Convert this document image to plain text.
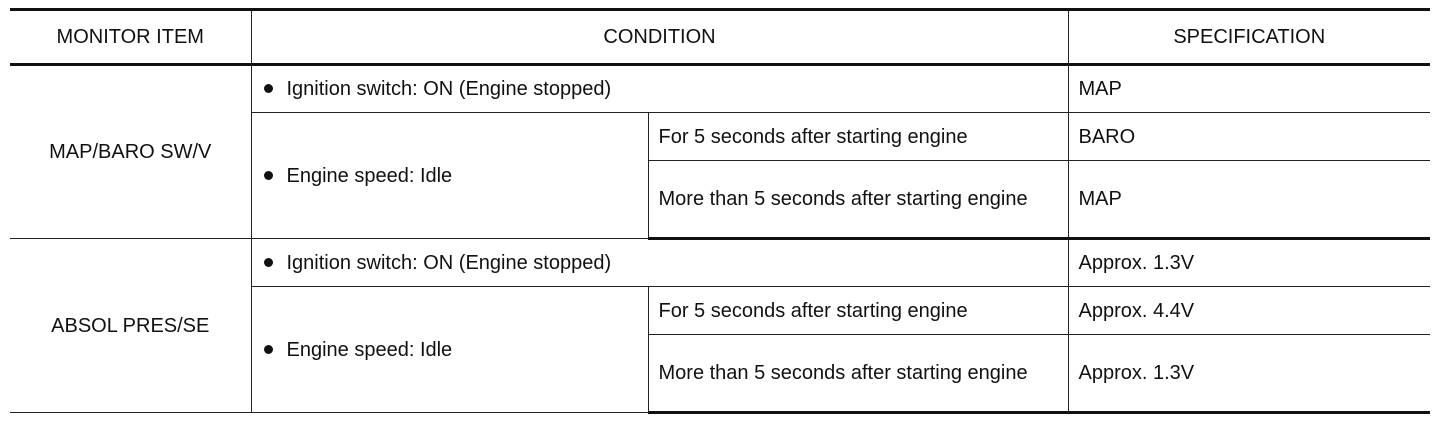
MONITOR ITEM	CONDITION		SPECIFICATION
MAP/BARO SW/V	Ignition switch: ON (Engine stopped)		MAP
	Engine speed: Idle	For 5 seconds after starting engine	BARO
		More than 5 seconds after starting engine	MAP
ABSOL PRES/SE	Ignition switch: ON (Engine stopped)		Approx. 1.3V
	Engine speed: Idle	For 5 seconds after starting engine	Approx. 4.4V
		More than 5 seconds after starting engine	Approx. 1.3V
